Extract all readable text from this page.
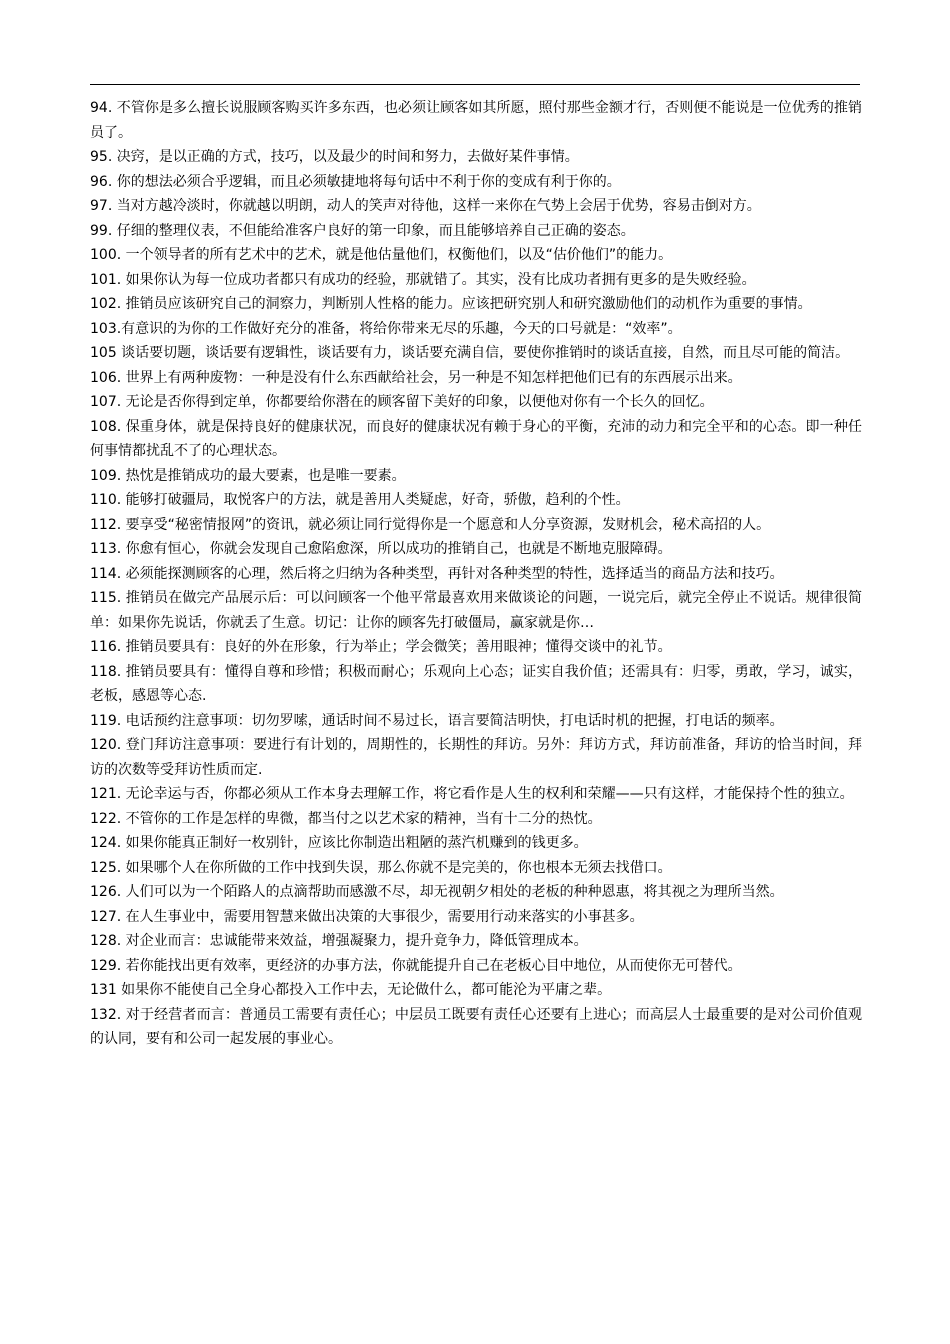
94. 不管你是多么擅长说服顾客购买许多东西，也必须让顾客如其所愿，照付那些金额才行，否则便不能说是一位优秀的推销员了。

95. 决窍，是以正确的方式，技巧，以及最少的时间和努力，去做好某件事情。

96. 你的想法必须合乎逻辑，而且必须敏捷地将每句话中不利于你的变成有利于你的。

97. 当对方越冷淡时，你就越以明朗，动人的笑声对待他，这样一来你在气势上会居于优势，容易击倒对方。

99. 仔细的整理仪表，不但能给准客户良好的第一印象，而且能够培养自己正确的姿态。

100. 一个领导者的所有艺术中的艺术，就是他估量他们，权衡他们，以及“估价他们”的能力。

101. 如果你认为每一位成功者都只有成功的经验，那就错了。其实，没有比成功者拥有更多的是失败经验。

102. 推销员应该研究自己的洞察力，判断别人性格的能力。应该把研究别人和研究激励他们的动机作为重要的事情。

103.有意识的为你的工作做好充分的准备，将给你带来无尽的乐趣，今天的口号就是：“效率”。

105 谈话要切题，谈话要有逻辑性，谈话要有力，谈话要充满自信，要使你推销时的谈话直接，自然，而且尽可能的简洁。

106. 世界上有两种废物：一种是没有什么东西献给社会，另一种是不知怎样把他们已有的东西展示出来。

107. 无论是否你得到定单，你都要给你潜在的顾客留下美好的印象，以便他对你有一个长久的回忆。

108. 保重身体，就是保持良好的健康状况，而良好的健康状况有赖于身心的平衡，充沛的动力和完全平和的心态。即一种任何事情都扰乱不了的心理状态。

109. 热忱是推销成功的最大要素，也是唯一要素。

110. 能够打破疆局，取悦客户的方法，就是善用人类疑虑，好奇，骄傲，趋利的个性。

112. 要享受“秘密情报网”的资讯，就必须让同行觉得你是一个愿意和人分享资源，发财机会，秘术高招的人。

113. 你愈有恒心，你就会发现自己愈陷愈深，所以成功的推销自己，也就是不断地克服障碍。

114. 必须能探测顾客的心理，然后将之归纳为各种类型，再针对各种类型的特性，选择适当的商品方法和技巧。

115. 推销员在做完产品展示后：可以问顾客一个他平常最喜欢用来做谈论的问题，一说完后，就完全停止不说话。规律很简单：如果你先说话，你就丢了生意。切记：让你的顾客先打破僵局，赢家就是你…

116. 推销员要具有：良好的外在形象，行为举止；学会微笑；善用眼神；懂得交谈中的礼节。

118. 推销员要具有：懂得自尊和珍惜；积极而耐心；乐观向上心态；证实自我价值；还需具有：归零，勇敢，学习，诚实，老板，感恩等心态.

119. 电话预约注意事项：切勿罗嗦，通话时间不易过长，语言要简洁明快，打电话时机的把握，打电话的频率。

120. 登门拜访注意事项：要进行有计划的，周期性的，长期性的拜访。另外：拜访方式，拜访前准备，拜访的恰当时间，拜访的次数等受拜访性质而定.

121. 无论幸运与否，你都必须从工作本身去理解工作，将它看作是人生的权利和荣耀——只有这样，才能保持个性的独立。

122. 不管你的工作是怎样的卑微，都当付之以艺术家的精神，当有十二分的热忱。

124. 如果你能真正制好一枚别针，应该比你制造出粗陋的蒸汽机赚到的钱更多。

125. 如果哪个人在你所做的工作中找到失误，那么你就不是完美的，你也根本无须去找借口。

126. 人们可以为一个陌路人的点滴帮助而感激不尽，却无视朝夕相处的老板的种种恩惠，将其视之为理所当然。

127. 在人生事业中，需要用智慧来做出决策的大事很少，需要用行动来落实的小事甚多。

128. 对企业而言：忠诚能带来效益，增强凝聚力，提升竟争力，降低管理成本。

129. 若你能找出更有效率，更经济的办事方法，你就能提升自己在老板心目中地位，从而使你无可替代。

131 如果你不能使自己全身心都投入工作中去，无论做什么，都可能沦为平庸之辈。

132. 对于经营者而言：普通员工需要有责任心；中层员工既要有责任心还要有上进心；而高层人士最重要的是对公司价值观的认同，要有和公司一起发展的事业心。
